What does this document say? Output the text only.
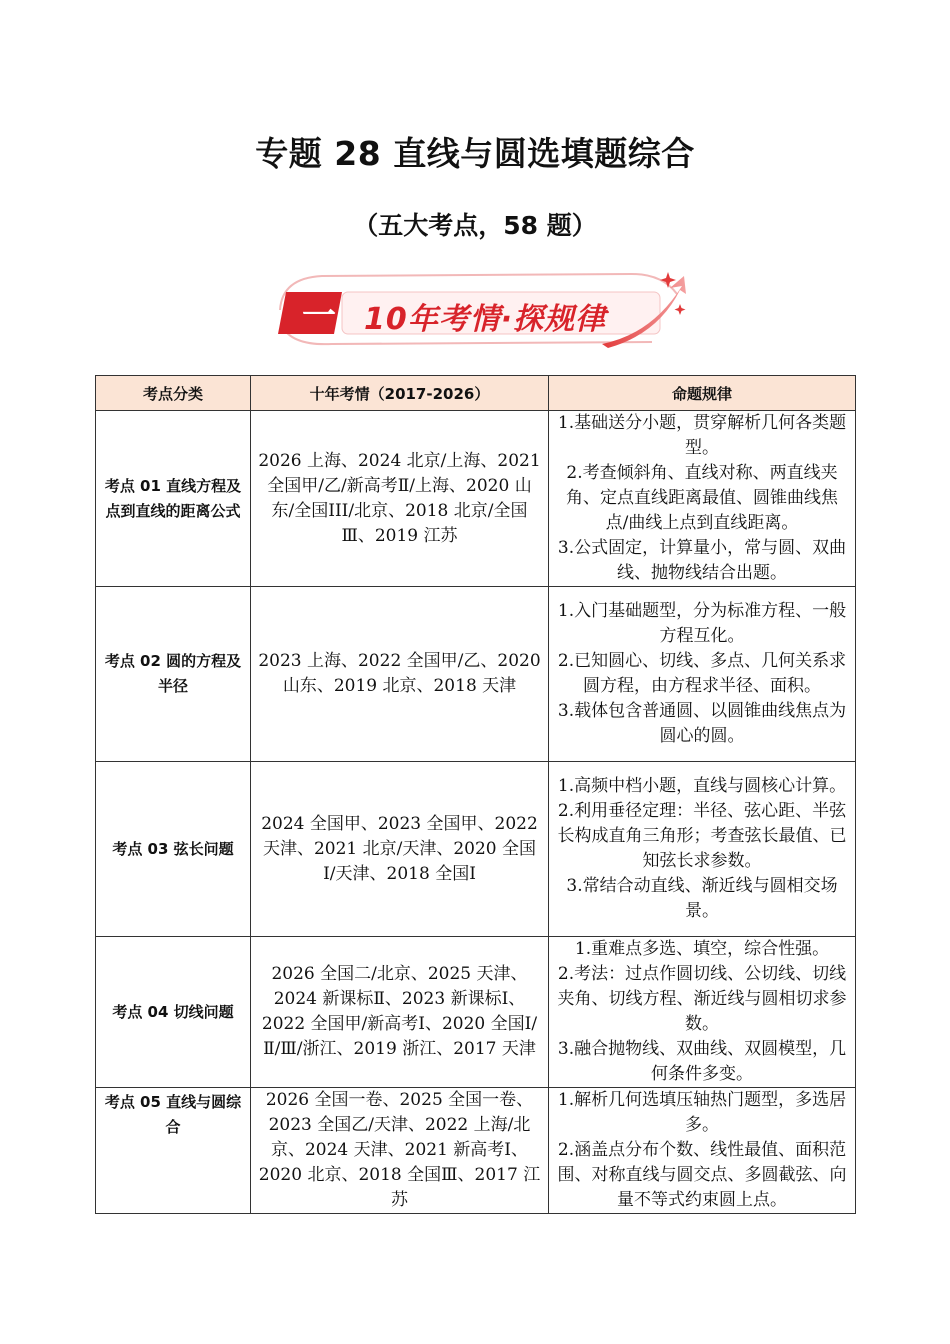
专题 28 直线与圆选填题综合
（五大考点，58 题）
一 10年考情·探规律
考点分类	十年考情（2017-2026）	命题规律
考点 01 直线方程及点到直线的距离公式	2026 上海、2024 北京/上海、2021 全国甲/乙/新高考Ⅱ/上海、2020 山东/全国III/北京、2018 北京/全国Ⅲ、2019 江苏	1.基础送分小题，贯穿解析几何各类题型。

2.考查倾斜角、直线对称、两直线夹角、定点直线距离最值、圆锥曲线焦点/曲线上点到直线距离。

3.公式固定，计算量小，常与圆、双曲线、抛物线结合出题。

考点 02 圆的方程及半径	2023 上海、2022 全国甲/乙、2020 山东、2019 北京、2018 天津	1.入门基础题型，分为标准方程、一般方程互化。

2.已知圆心、切线、多点、几何关系求圆方程，由方程求半径、面积。

3.载体包含普通圆、以圆锥曲线焦点为圆心的圆。

考点 03 弦长问题	2024 全国甲、2023 全国甲、2022 天津、2021 北京/天津、2020 全国Ⅰ/天津、2018 全国Ⅰ	1.高频中档小题，直线与圆核心计算。

2.利用垂径定理：半径、弦心距、半弦长构成直角三角形；考查弦长最值、已知弦长求参数。

3.常结合动直线、渐近线与圆相交场景。

考点 04 切线问题	2026 全国二/北京、2025 天津、2024 新课标Ⅱ、2023 新课标Ⅰ、2022 全国甲/新高考Ⅰ、2020 全国Ⅰ/Ⅱ/Ⅲ/浙江、2019 浙江、2017 天津	1.重难点多选、填空，综合性强。

2.考法：过点作圆切线、公切线、切线夹角、切线方程、渐近线与圆相切求参数。

3.融合抛物线、双曲线、双圆模型，几何条件多变。

考点 05 直线与圆综合	2026 全国一卷、2025 全国一卷、2023 全国乙/天津、2022 上海/北京、2024 天津、2021 新高考Ⅰ、2020 北京、2018 全国Ⅲ、2017 江苏	1.解析几何选填压轴热门题型，多选居多。

2.涵盖点分布个数、线性最值、面积范围、对称直线与圆交点、多圆截弦、向量不等式约束圆上点。
